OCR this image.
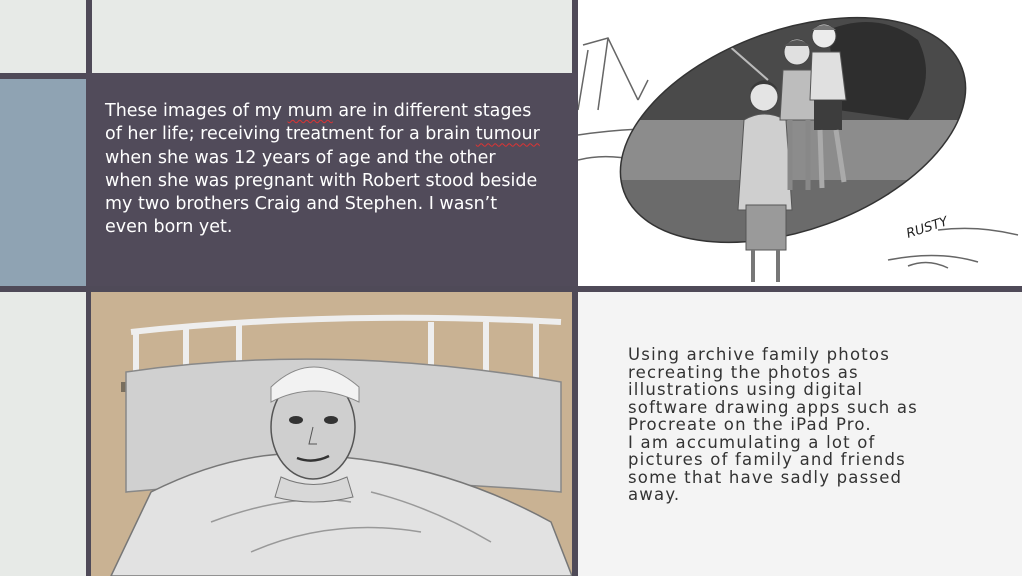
These images of my mum are in different stages of her life; receiving treatment for a brain tumour when she was 12 years of age and the other when she was pregnant with Robert stood beside my two brothers Craig and Stephen. I wasn’t even born yet.	RUSTY

Using archive family photos
recreating the photos as
illustrations using digital
software drawing apps such as
Procreate on the iPad Pro.
I am accumulating a lot of
pictures of family and friends
some that have sadly passed
away.
